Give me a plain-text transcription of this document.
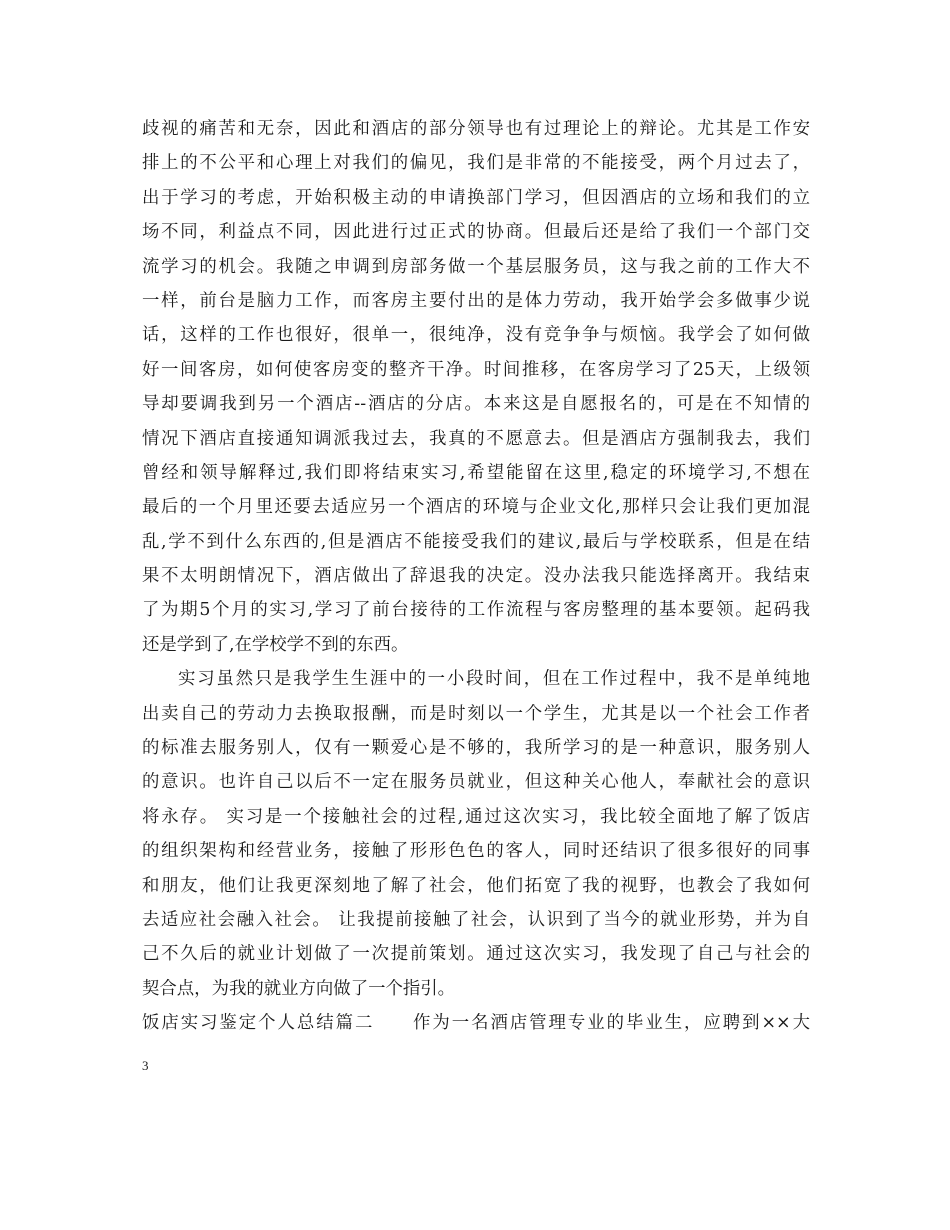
歧视的痛苦和无奈，因此和酒店的部分领导也有过理论上的辩论。尤其是工作安
排上的不公平和心理上对我们的偏见，我们是非常的不能接受，两个月过去了，
出于学习的考虑，开始积极主动的申请换部门学习，但因酒店的立场和我们的立
场不同，利益点不同，因此进行过正式的协商。但最后还是给了我们一个部门交
流学习的机会。我随之申调到房部务做一个基层服务员，这与我之前的工作大不
一样，前台是脑力工作，而客房主要付出的是体力劳动，我开始学会多做事少说
话，这样的工作也很好，很单一，很纯净，没有竞争争与烦恼。我学会了如何做
好一间客房，如何使客房变的整齐干净。时间推移，在客房学习了25天，上级领
导却要调我到另一个酒店--酒店的分店。本来这是自愿报名的，可是在不知情的
情况下酒店直接通知调派我过去，我真的不愿意去。但是酒店方强制我去，我们
曾经和领导解释过,我们即将结束实习,希望能留在这里,稳定的环境学习,不想在
最后的一个月里还要去适应另一个酒店的环境与企业文化,那样只会让我们更加混
乱,学不到什么东西的,但是酒店不能接受我们的建议,最后与学校联系，但是在结
果不太明朗情况下，酒店做出了辞退我的决定。没办法我只能选择离开。我结束
了为期5个月的实习,学习了前台接待的工作流程与客房整理的基本要领。起码我
还是学到了,在学校学不到的东西。
实习虽然只是我学生生涯中的一小段时间，但在工作过程中，我不是单纯地
出卖自己的劳动力去换取报酬，而是时刻以一个学生，尤其是以一个社会工作者
的标准去服务别人，仅有一颗爱心是不够的，我所学习的是一种意识，服务别人
的意识。也许自己以后不一定在服务员就业，但这种关心他人，奉献社会的意识
将永存。 实习是一个接触社会的过程,通过这次实习，我比较全面地了解了饭店
的组织架构和经营业务，接触了形形色色的客人，同时还结识了很多很好的同事
和朋友，他们让我更深刻地了解了社会，他们拓宽了我的视野，也教会了我如何
去适应社会融入社会。 让我提前接触了社会，认识到了当今的就业形势，并为自
己不久后的就业计划做了一次提前策划。通过这次实习，我发现了自己与社会的
契合点，为我的就业方向做了一个指引。
饭店实习鉴定个人总结篇二　　作为一名酒店管理专业的毕业生，应聘到××大
3
